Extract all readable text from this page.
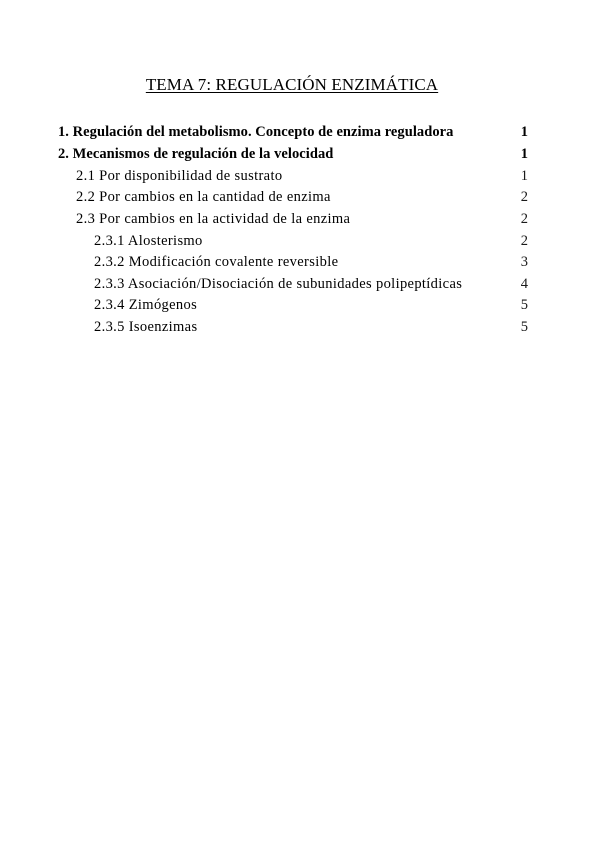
TEMA 7: REGULACIÓN ENZIMÁTICA
1. Regulación del metabolismo. Concepto de enzima reguladora	1
2. Mecanismos de regulación de la velocidad	1
2.1 Por disponibilidad de sustrato	1
2.2 Por cambios en la cantidad de enzima	2
2.3 Por cambios en la actividad de la enzima	2
2.3.1 Alosterismo	2
2.3.2 Modificación covalente reversible	3
2.3.3 Asociación/Disociación de subunidades polipeptídicas	4
2.3.4 Zimógenos	5
2.3.5 Isoenzimas	5
